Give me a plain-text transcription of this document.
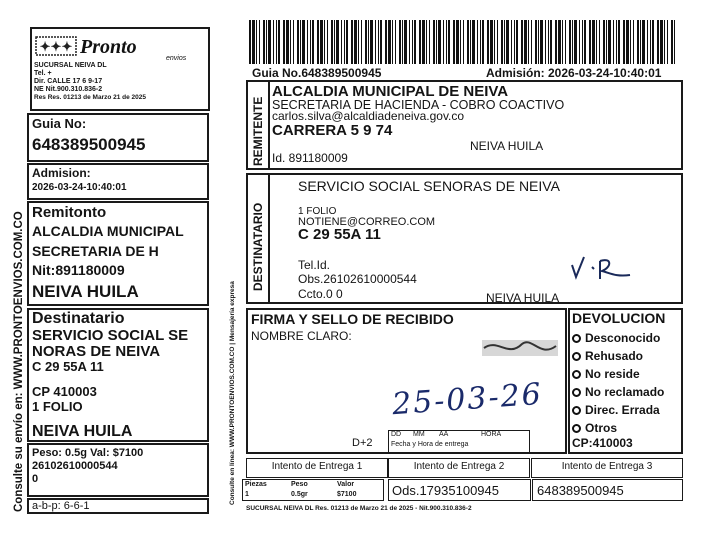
✦✦✦ Pronto
envios
SUCURSAL NEIVA DL
Tel. +
Dir. CALLE 17 6 9-17
NE Nit.900.310.836-2
Res Res. 01213 de Marzo 21 de 2025
Guia No:
648389500945
Admision:
2026-03-24-10:40:01
Remitonto
ALCALDIA MUNICIPAL
SECRETARIA DE H
Nit:891180009
NEIVA HUILA
Destinatario
SERVICIO SOCIAL SE
NORAS DE NEIVA
C 29 55A 11
CP 410003
1 FOLIO
NEIVA HUILA
Peso: 0.5g Val: $7100
26102610000544
0
a-b-p: 6-6-1
Consulte su envío en: WWW.PRONTOENVIOS.COM.CO	Consulte en línea: WWW.PRONTOENVIOS.COM.CO | Mensajería expresa
Guia No.648389500945	Admisión: 2026-03-24-10:40:01
REMITENTE
ALCALDIA MUNICIPAL DE NEIVA
SECRETARIA DE HACIENDA - COBRO COACTIVO
carlos.silva@alcaldiadeneiva.gov.co
CARRERA 5 9 74
NEIVA HUILA
Id. 891180009
DESTINATARIO
SERVICIO SOCIAL SENORAS DE NEIVA
1 FOLIO
NOTIENE@CORREO.COM
C 29 55A 11
Tel.Id.
Obs.26102610000544
Ccto.0 0	NEIVA HUILA
FIRMA Y SELLO DE RECIBIDO
NOMBRE CLARO:
25-03-26
D+2
DD MM AA	HORA
Fecha y Hora de entrega
DEVOLUCION
Desconocido
Rehusado
No reside
No reclamado
Direc. Errada
Otros
CP:410003
Intento de Entrega 1	Intento de Entrega 2	Intento de Entrega 3
Piezas	Peso	Valor
1	0.5gr	$7100	Ods.17935100945	648389500945
SUCURSAL NEIVA DL Res. 01213 de Marzo 21 de 2025 - Nit.900.310.836-2
